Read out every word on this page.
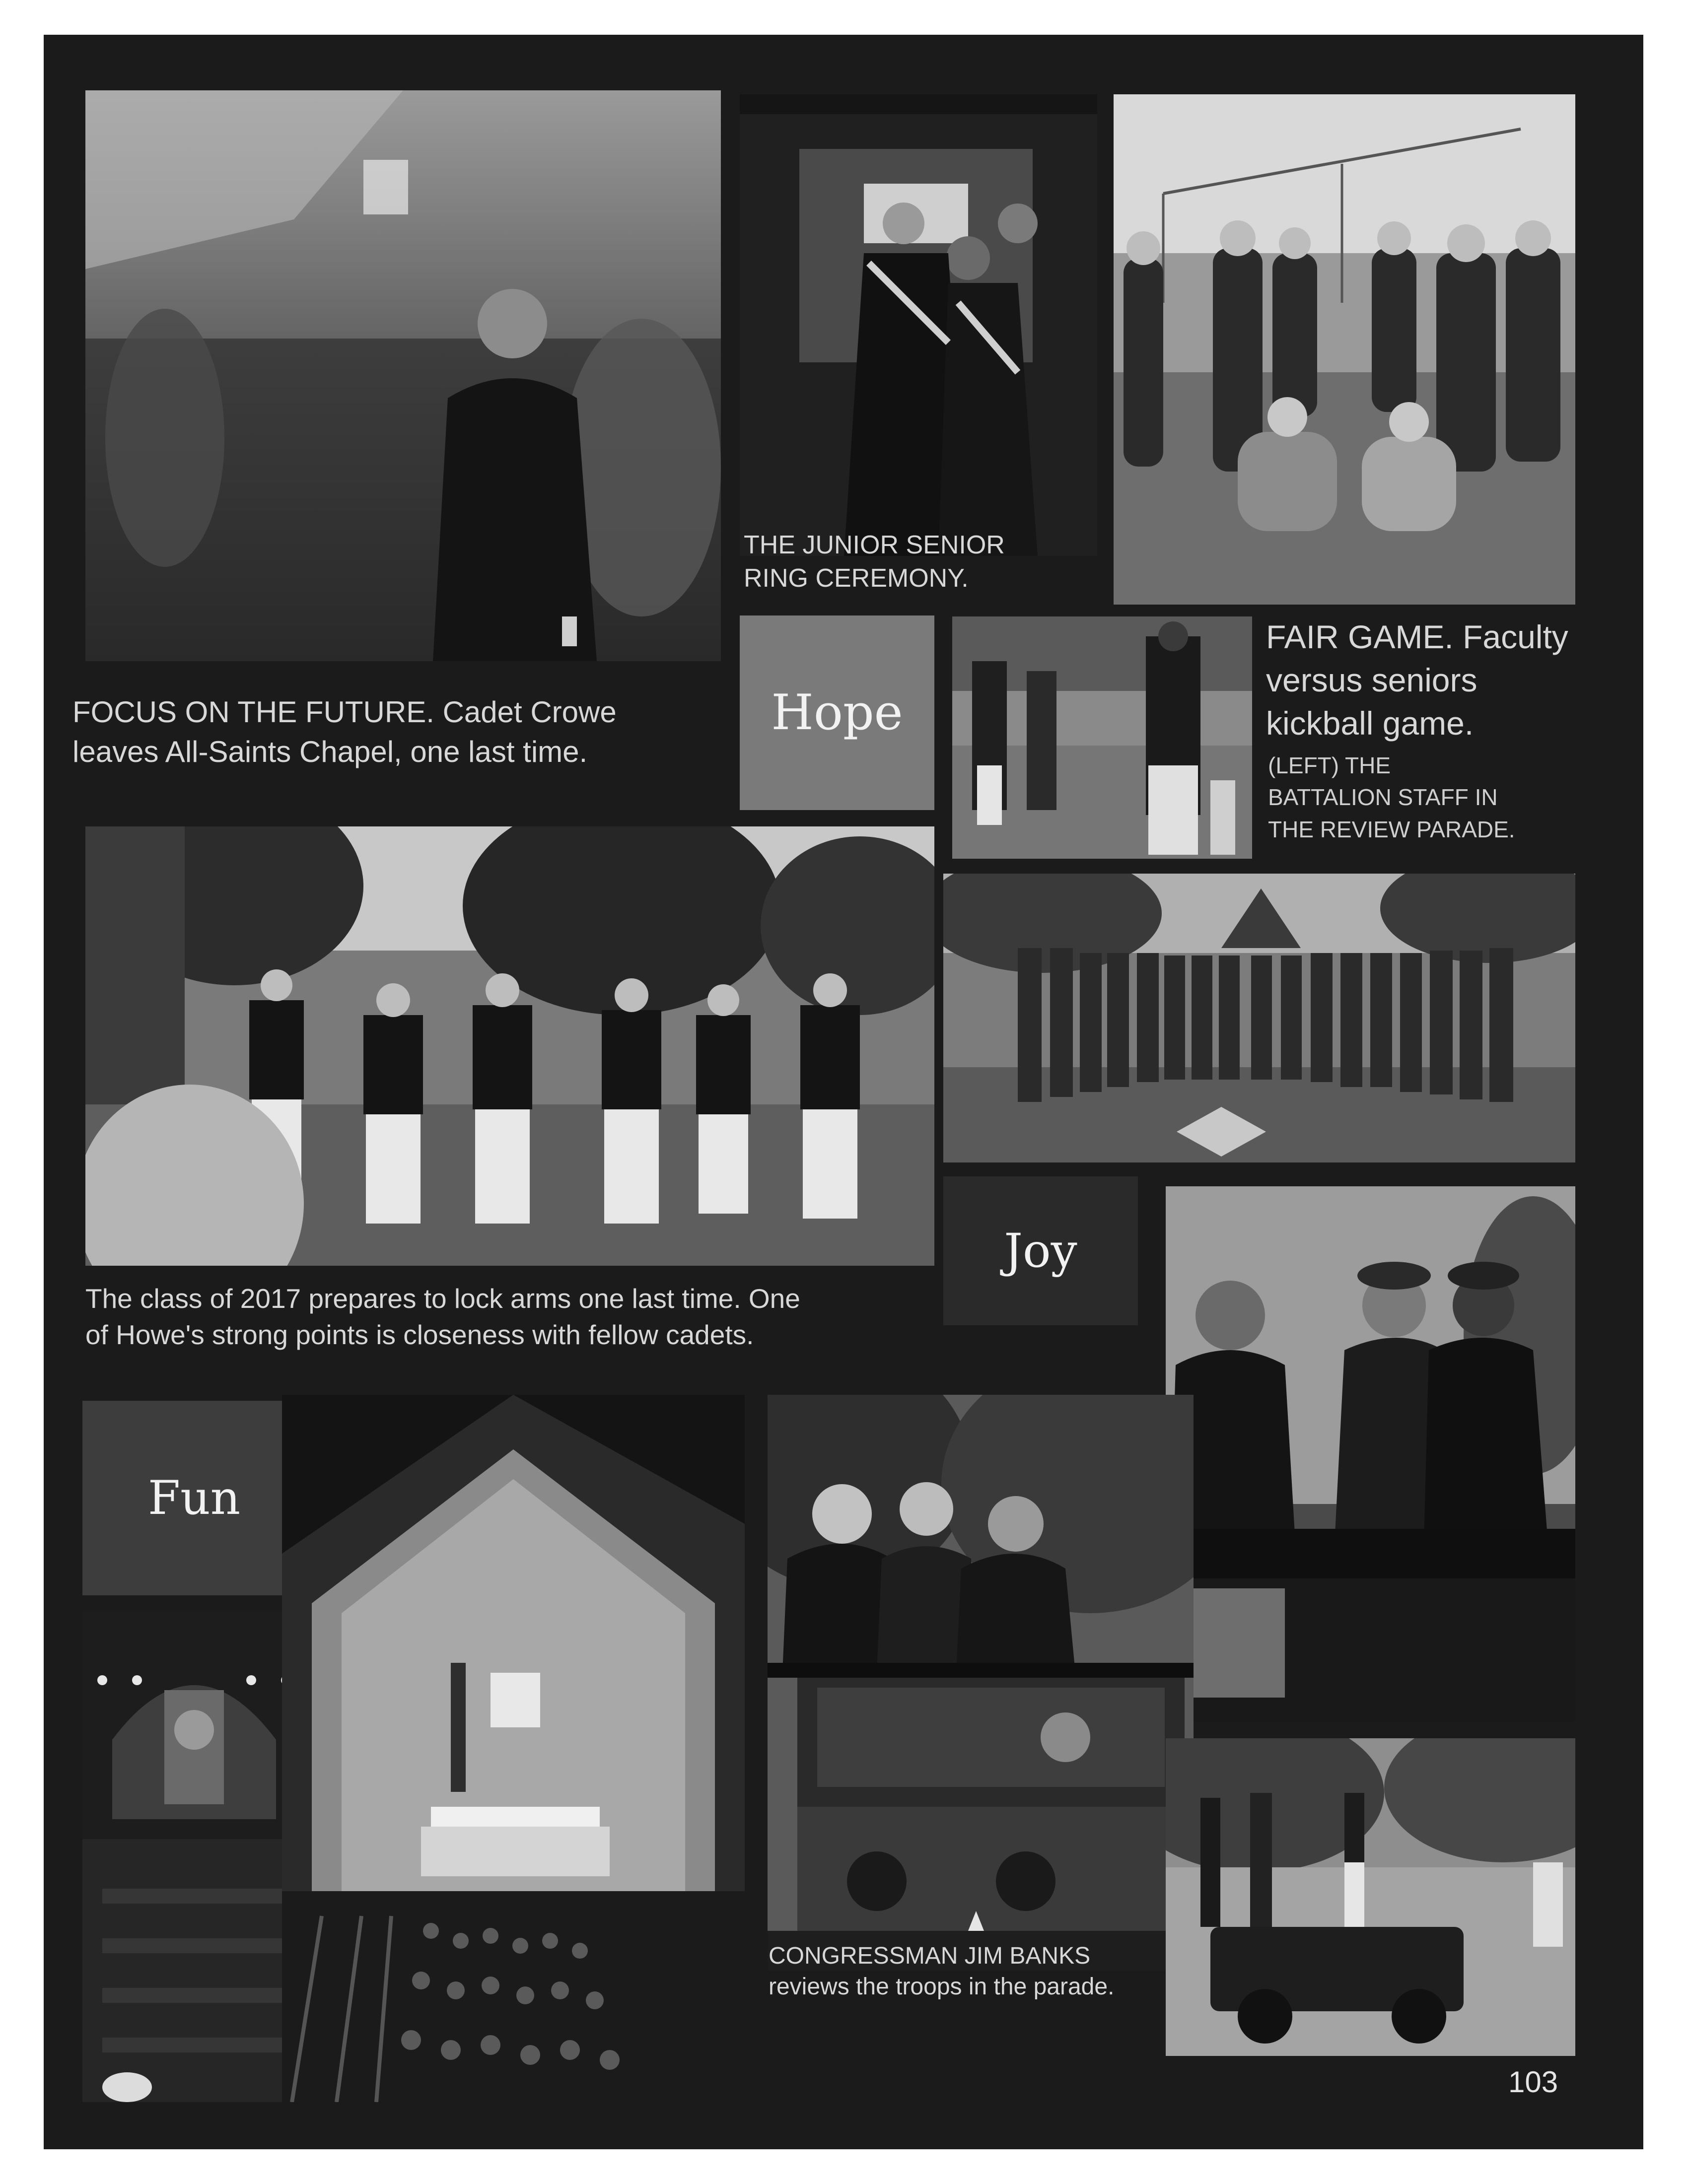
FOCUS ON THE FUTURE. Cadet Crowe
leaves All-Saints Chapel, one last time.

THE JUNIOR SENIOR
RING CEREMONY.

Hope

FAIR GAME. Faculty
versus seniors
kickball game.

(LEFT) THE
BATTALION STAFF IN
THE REVIEW PARADE.

The class of 2017 prepares to lock arms one last time. One
of Howe's strong points is closeness with fellow cadets.

Joy
Fun

CONGRESSMAN JIM BANKS
reviews the troops in the parade.

103
